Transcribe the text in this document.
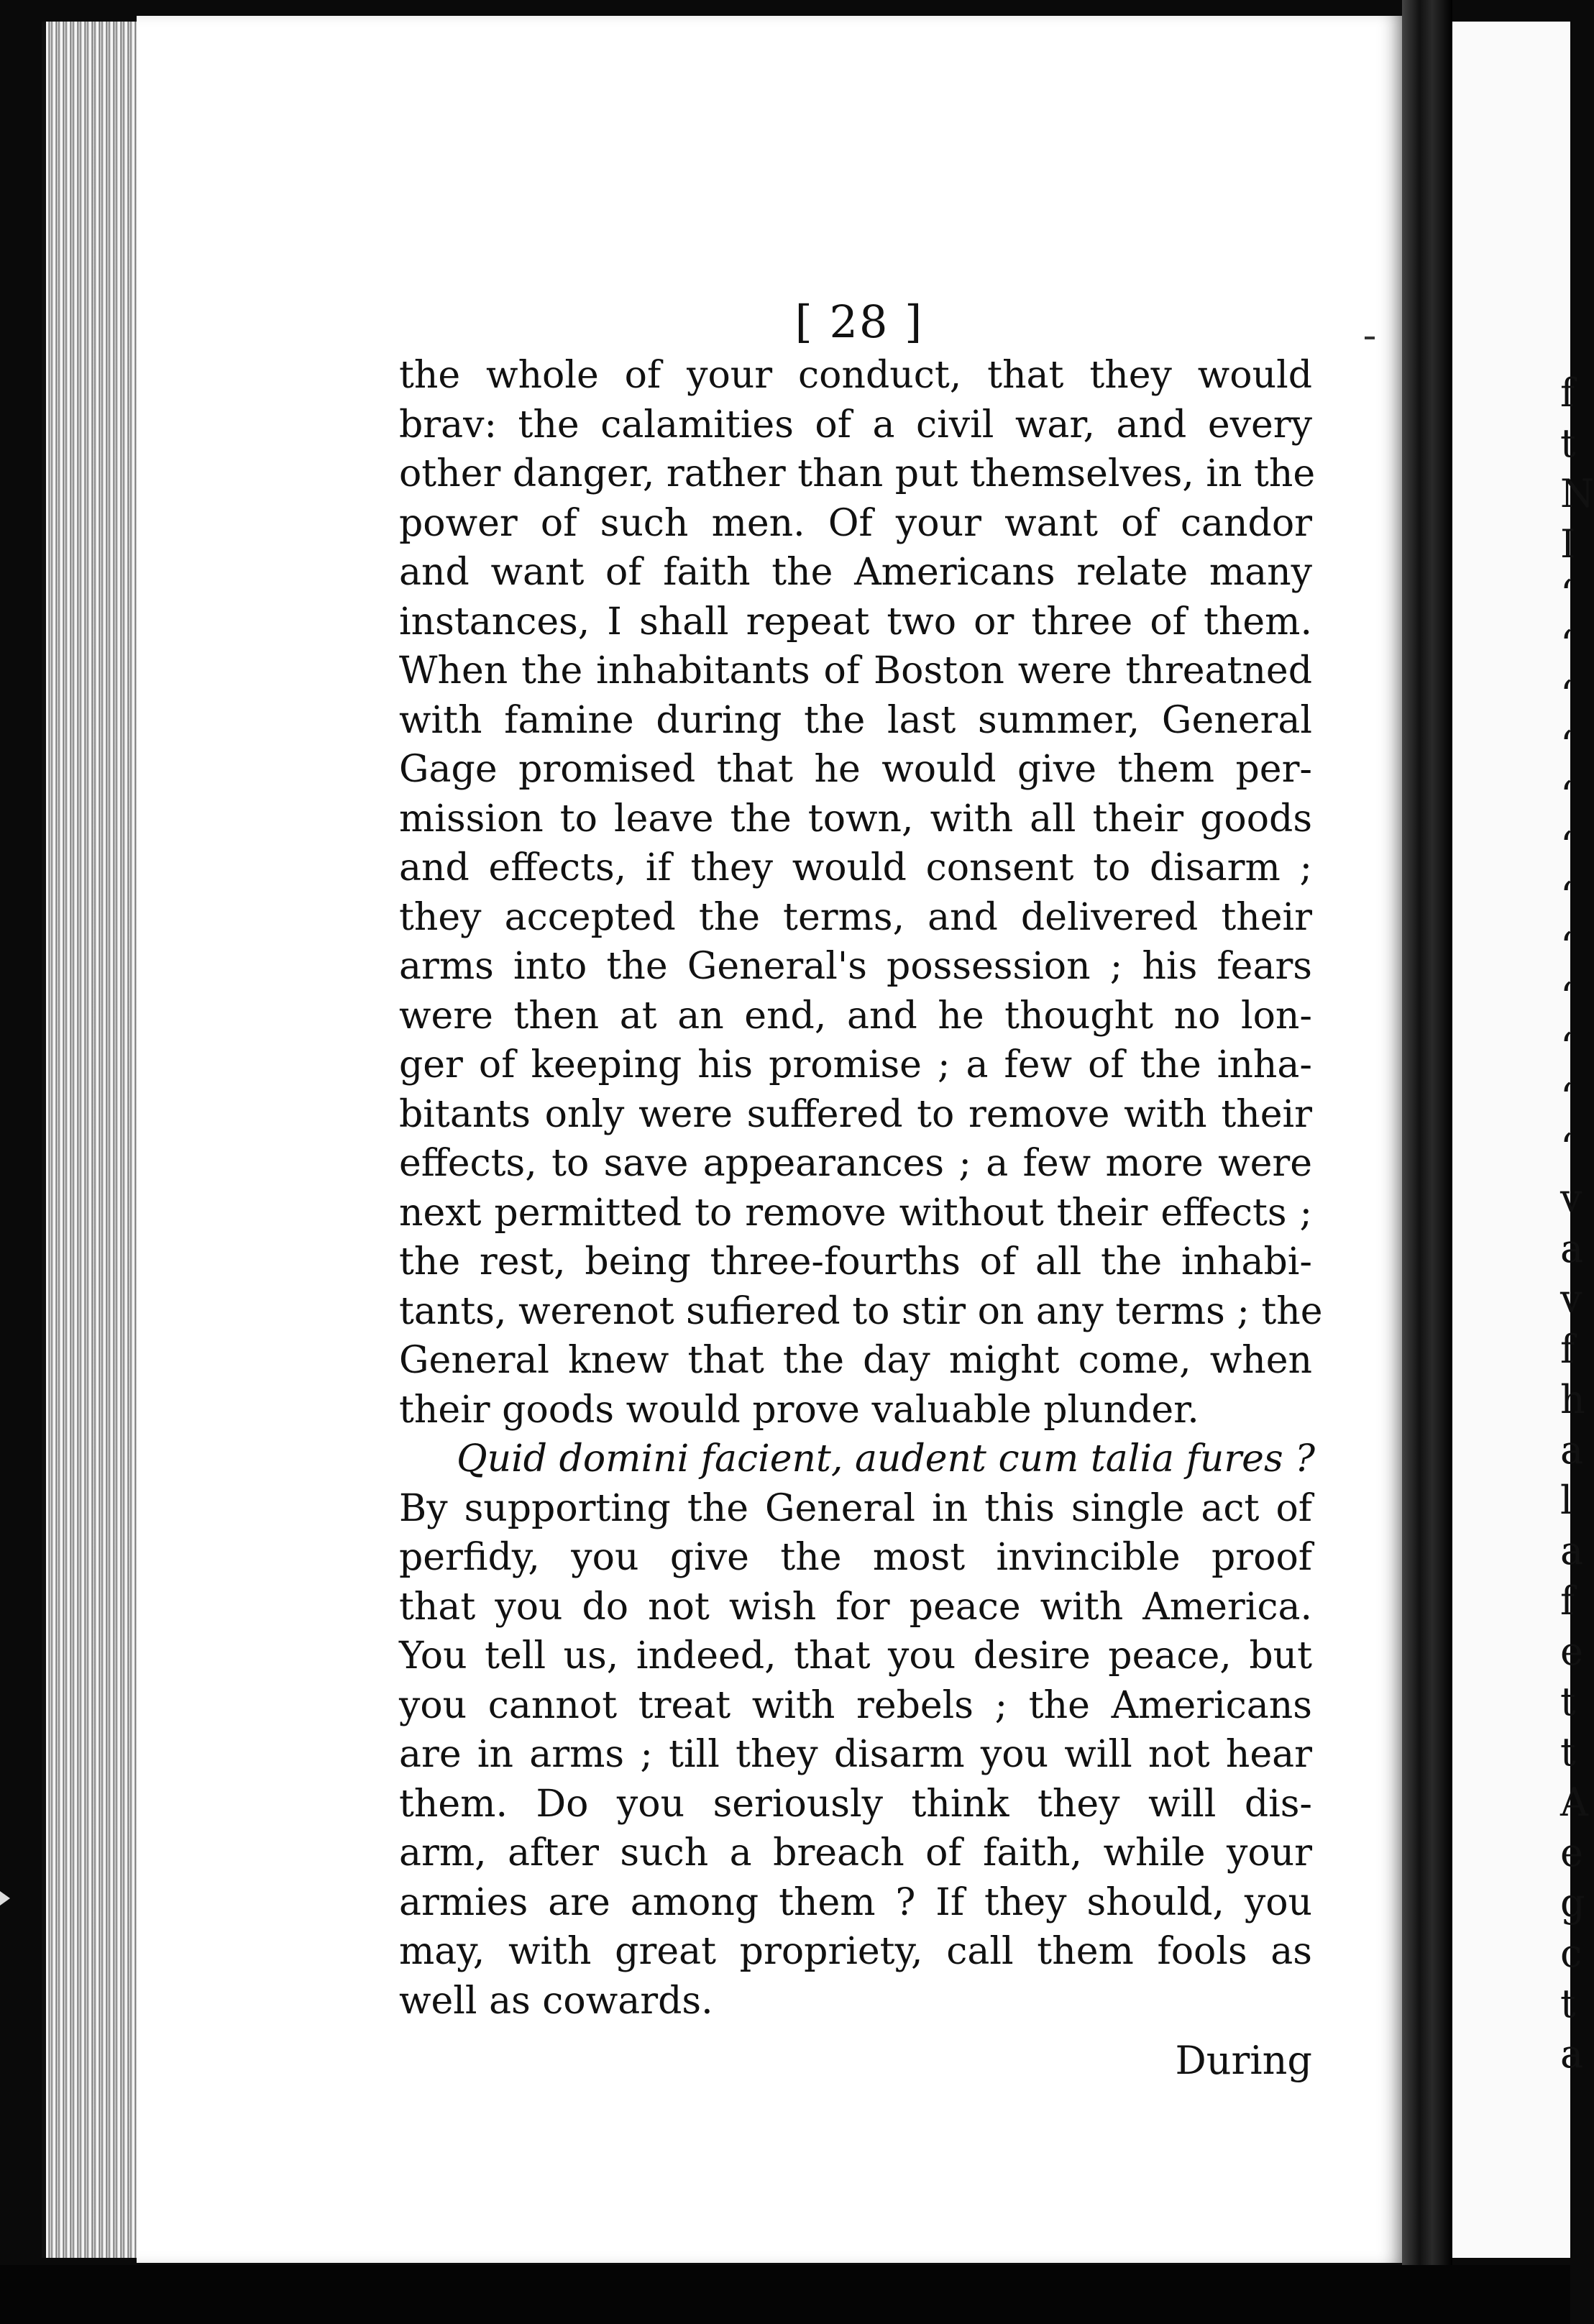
[ 28 ]
the whole of your conduct, that they would
brav: the calamities of a civil war, and every
other danger, rather than put themselves, in the
power of such men. Of your want of candor
and want of faith the Americans relate many
instances, I shall repeat two or three of them.
When the inhabitants of Boston were threatned
with famine during the last summer, General
Gage promised that he would give them per-
mission to leave the town, with all their goods
and effects, if they would consent to disarm ;
they accepted the terms, and delivered their
arms into the General's possession ; his fears
were then at an end, and he thought no lon-
ger of keeping his promise ; a few of the inha-
bitants only were suffered to remove with their
effects, to save appearances ; a few more were
next permitted to remove without their effects ;
the rest, being three-fourths of all the inhabi-
tants, werenot sufiered to stir on any terms ; the
General knew that the day might come, when
their goods would prove valuable plunder.
Quid domini facient, audent cum talia fures ?
By supporting the General in this single act of
perfidy, you give the most invincible proof
that you do not wish for peace with America.
You tell us, indeed, that you desire peace, but
you cannot treat with rebels ; the Americans
are in arms ; till they disarm you will not hear
them. Do you seriously think they will dis-
arm, after such a breach of faith, while your
armies are among them ? If they should, you
may, with great propriety, call them fools as
well as cowards.
During
f
t
N
I
‘
‘
‘
‘
‘
‘
‘
‘
‘
‘
‘
‘
v
a
v
f
h
a
l
a
f
e
t
t
A
e
g
c
t
a
